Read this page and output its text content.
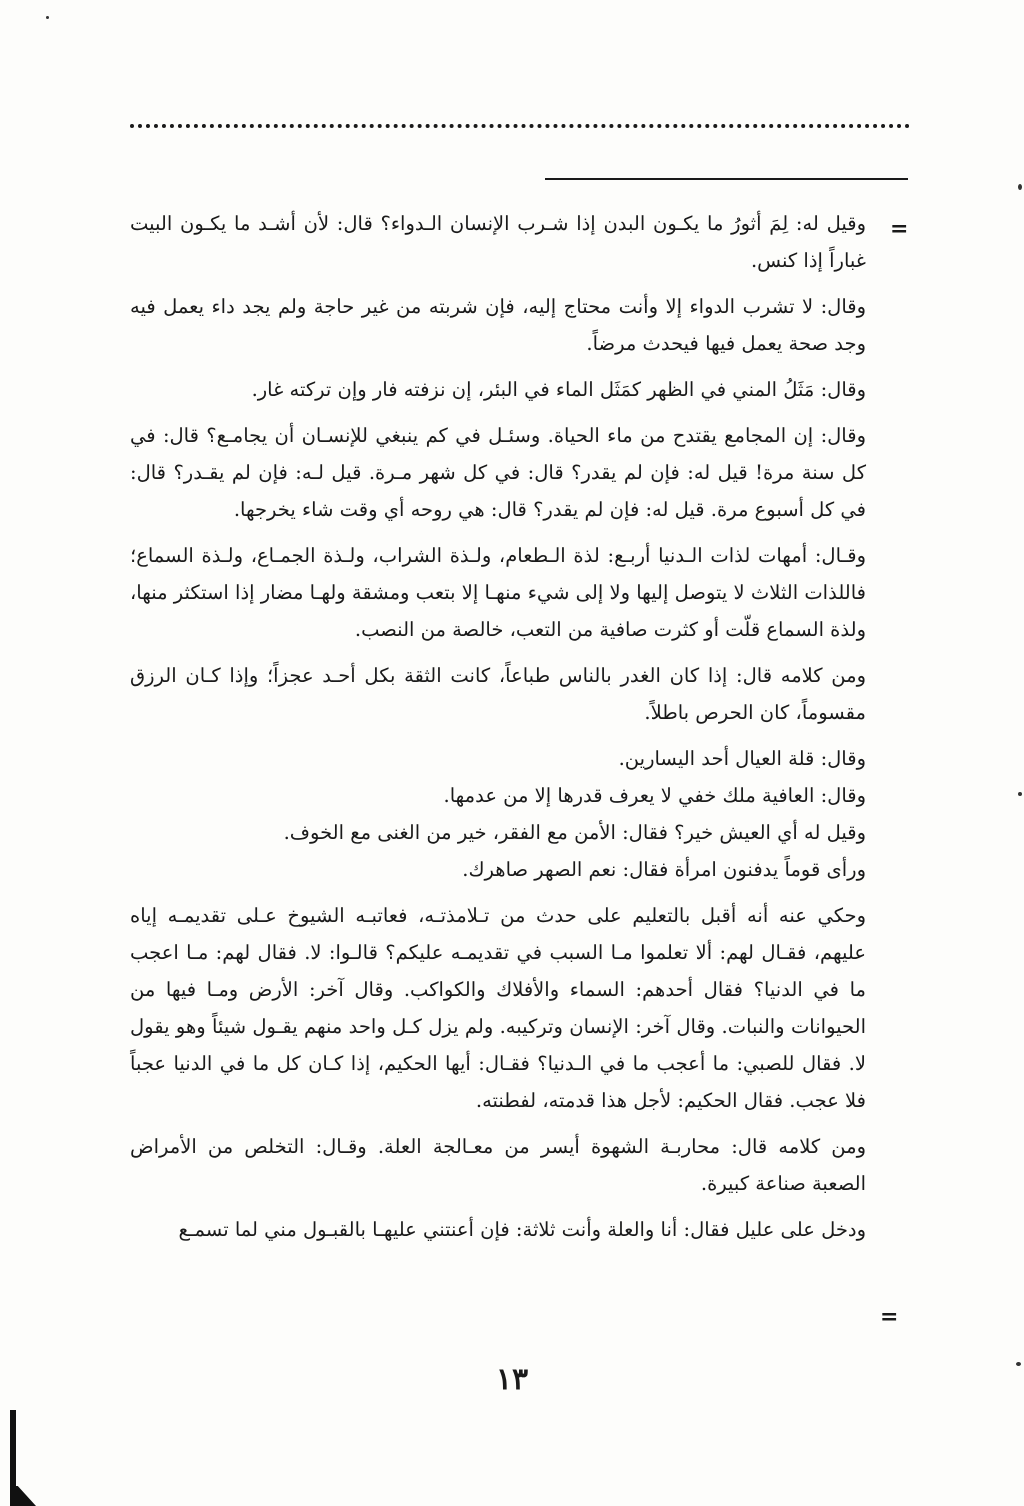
=

وقيل له: لِمَ أثورُ ما يكـون البدن إذا شـرب الإنسان الـدواء؟ قال: لأن أشـد ما يكـون البيت غباراً إذا كنس.

وقال: لا تشرب الدواء إلا وأنت محتاج إليه، فإن شربته من غير حاجة ولم يجد داء يعمل فيه وجد صحة يعمل فيها فيحدث مرضاً.

وقال: مَثَلُ المني في الظهر كمَثَل الماء في البئر، إن نزفته فار وإن تركته غار.

وقال: إن المجامع يقتدح من ماء الحياة. وسئـل في كم ينبغي للإنسـان أن يجامـع؟ قال: في كل سنة مرة! قيل له: فإن لم يقدر؟ قال: في كل شهر مـرة. قيل لـه: فإن لم يقـدر؟ قال: في كل أسبوع مرة. قيل له: فإن لم يقدر؟ قال: هي روحه أي وقت شاء يخرجها.

وقـال: أمهات لذات الـدنيا أربـع: لذة الـطعام، ولـذة الشراب، ولـذة الجمـاع، ولـذة السماع؛ فاللذات الثلاث لا يتوصل إليها ولا إلى شيء منهـا إلا بتعب ومشقة ولهـا مضار إذا استكثر منها، ولذة السماع قلّت أو كثرت صافية من التعب، خالصة من النصب.

ومن كلامه قال: إذا كان الغدر بالناس طباعاً، كانت الثقة بكل أحـد عجزاً؛ وإذا كـان الرزق مقسوماً، كان الحرص باطلاً.

وقال: قلة العيال أحد اليسارين.

وقال: العافية ملك خفي لا يعرف قدرها إلا من عدمها.

وقيل له أي العيش خير؟ فقال: الأمن مع الفقر، خير من الغنى مع الخوف.

ورأى قوماً يدفنون امرأة فقال: نعم الصهر صاهرك.

وحكي عنه أنه أقبل بالتعليم على حدث من تـلامذتـه، فعاتبـه الشيوخ عـلى تقديمـه إياه عليهم، فقـال لهم: ألا تعلموا مـا السبب في تقديمـه عليكم؟ قالـوا: لا. فقال لهم: مـا اعجب ما في الدنيا؟ فقال أحدهم: السماء والأفلاك والكواكب. وقال آخر: الأرض ومـا فيها من الحيوانات والنبات. وقال آخر: الإنسان وتركيبه. ولم يزل كـل واحد منهم يقـول شيئاً وهو يقول لا. فقال للصبي: ما أعجب ما في الـدنيا؟ فقـال: أيها الحكيم، إذا كـان كل ما في الدنيا عجباً فلا عجب. فقال الحكيم: لأجل هذا قدمته، لفطنته.

ومن كلامه قال: محاربـة الشهوة أيسر من معـالجة العلة. وقـال: التخلص من الأمراض الصعبة صناعة كبيرة.

ودخل على عليل فقال: أنا والعلة وأنت ثلاثة: فإن أعنتني عليهـا بالقبـول مني لما تسمـع

=
١٣
